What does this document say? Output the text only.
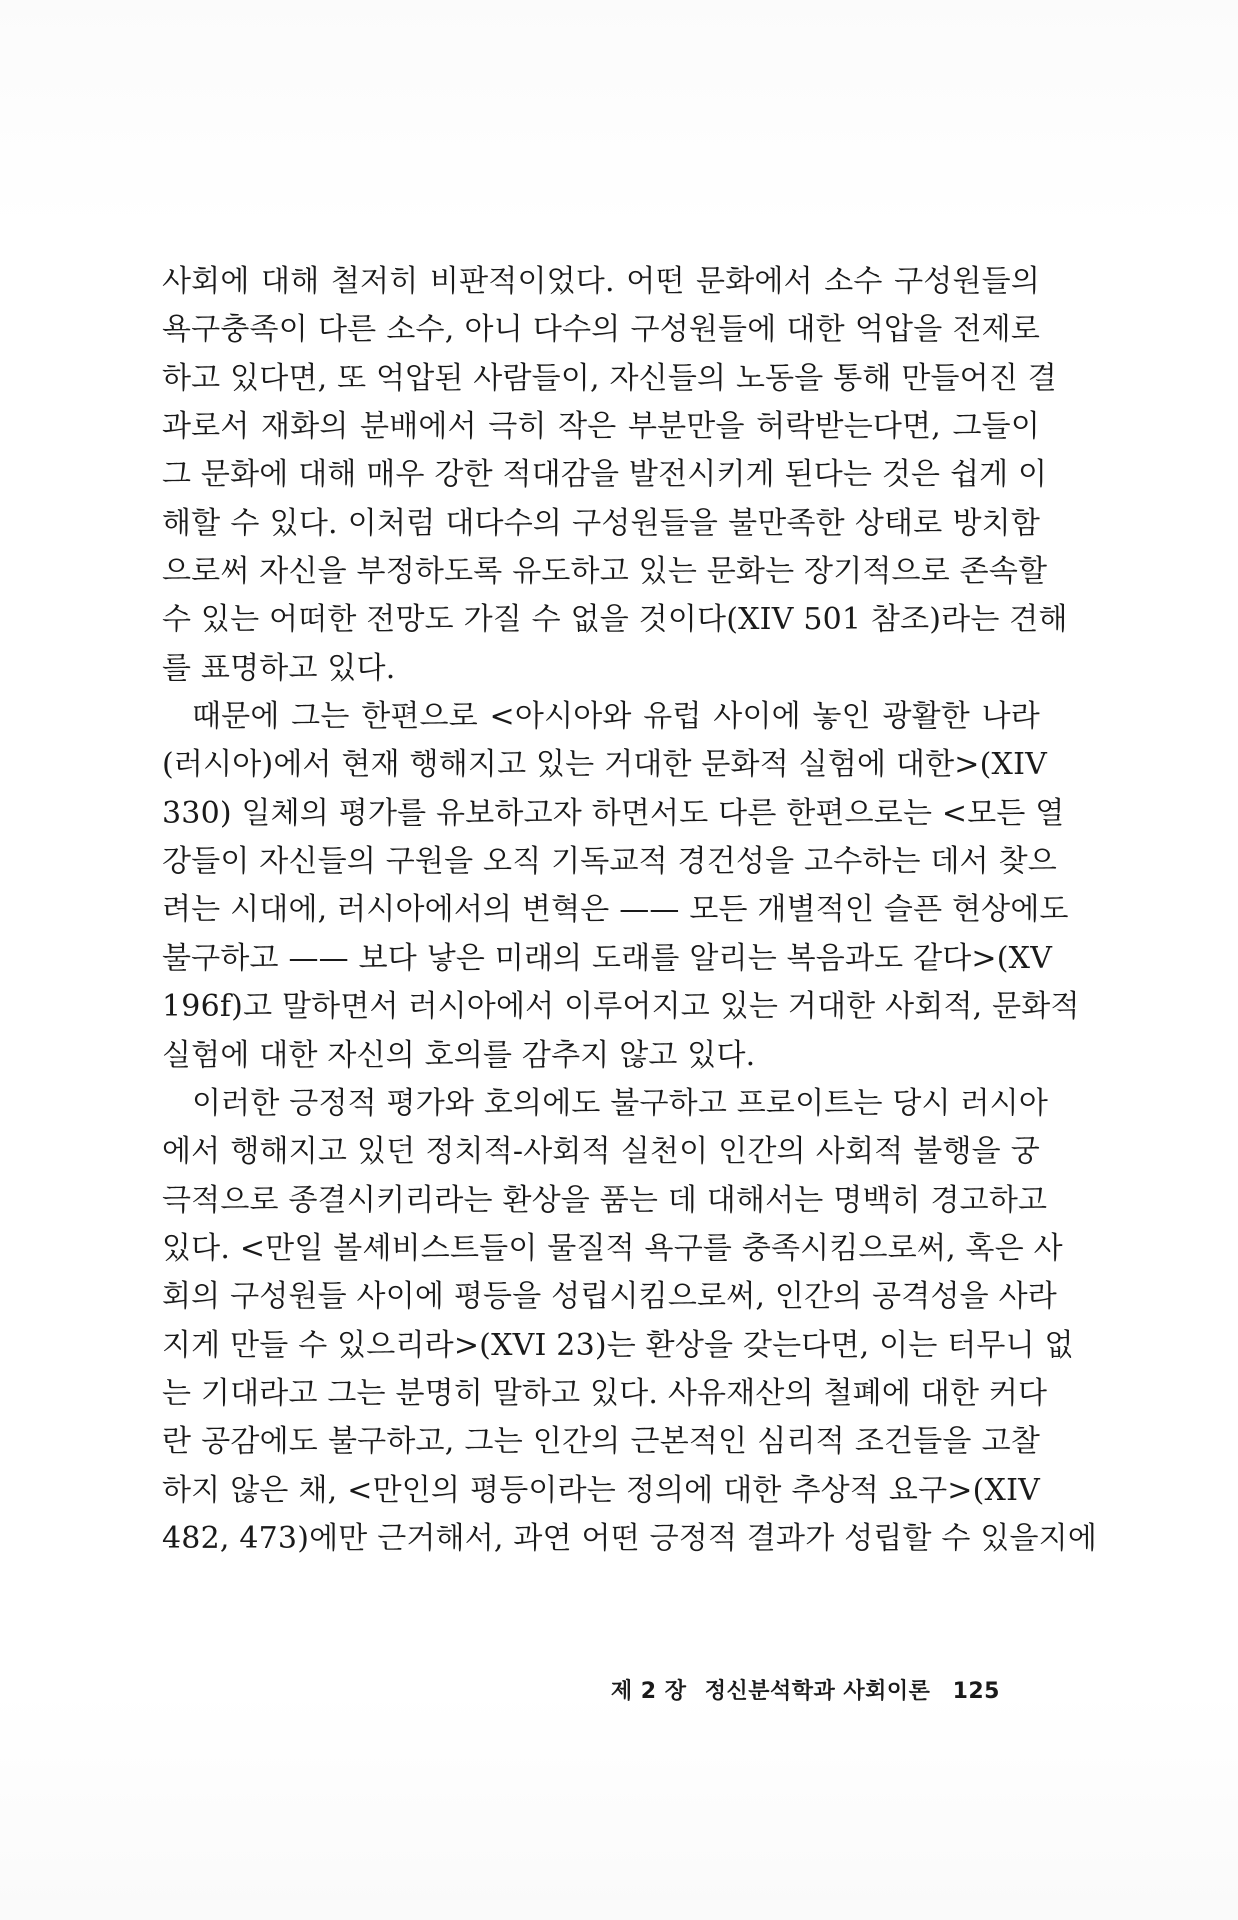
사회에 대해 철저히 비판적이었다. 어떤 문화에서 소수 구성원들의
욕구충족이 다른 소수, 아니 다수의 구성원들에 대한 억압을 전제로
하고 있다면, 또 억압된 사람들이, 자신들의 노동을 통해 만들어진 결
과로서 재화의 분배에서 극히 작은 부분만을 허락받는다면, 그들이
그 문화에 대해 매우 강한 적대감을 발전시키게 된다는 것은 쉽게 이
해할 수 있다. 이처럼 대다수의 구성원들을 불만족한 상태로 방치함
으로써 자신을 부정하도록 유도하고 있는 문화는 장기적으로 존속할
수 있는 어떠한 전망도 가질 수 없을 것이다(XIV 501 참조)라는 견해
를 표명하고 있다.
때문에 그는 한편으로 <아시아와 유럽 사이에 놓인 광활한 나라
(러시아)에서 현재 행해지고 있는 거대한 문화적 실험에 대한>(XIV
330) 일체의 평가를 유보하고자 하면서도 다른 한편으로는 <모든 열
강들이 자신들의 구원을 오직 기독교적 경건성을 고수하는 데서 찾으
려는 시대에, 러시아에서의 변혁은 —— 모든 개별적인 슬픈 현상에도
불구하고 —— 보다 낳은 미래의 도래를 알리는 복음과도 같다>(XV
196f)고 말하면서 러시아에서 이루어지고 있는 거대한 사회적, 문화적
실험에 대한 자신의 호의를 감추지 않고 있다.
이러한 긍정적 평가와 호의에도 불구하고 프로이트는 당시 러시아
에서 행해지고 있던 정치적-사회적 실천이 인간의 사회적 불행을 궁
극적으로 종결시키리라는 환상을 품는 데 대해서는 명백히 경고하고
있다. <만일 볼셰비스트들이 물질적 욕구를 충족시킴으로써, 혹은 사
회의 구성원들 사이에 평등을 성립시킴으로써, 인간의 공격성을 사라
지게 만들 수 있으리라>(XVI 23)는 환상을 갖는다면, 이는 터무니 없
는 기대라고 그는 분명히 말하고 있다. 사유재산의 철폐에 대한 커다
란 공감에도 불구하고, 그는 인간의 근본적인 심리적 조건들을 고찰
하지 않은 채, <만인의 평등이라는 정의에 대한 추상적 요구>(XIV
482, 473)에만 근거해서, 과연 어떤 긍정적 결과가 성립할 수 있을지에
제 2 장 정신분석학과 사회이론 125
